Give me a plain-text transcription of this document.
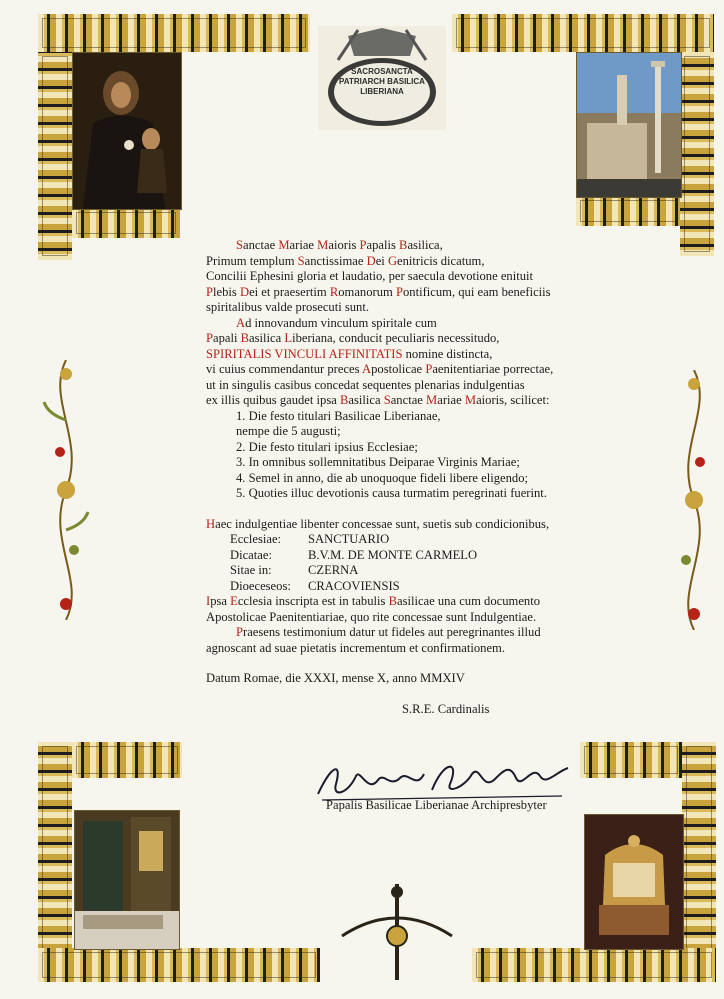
SACROSANCTA
PATRIARCH BASILICA
LIBERIANA

Sanctae Mariae Maioris Papalis Basilica,

Primum templum Sanctissimae Dei Genitricis dicatum,

Concilii Ephesini gloria et laudatio, per saecula devotione enituit

Plebis Dei et praesertim Romanorum Pontificum, qui eam beneficiis

spiritalibus valde prosecuti sunt.

Ad innovandum vinculum spiritale cum

Papali Basilica Liberiana, conducit peculiaris necessitudo,

SPIRITALIS VINCULI AFFINITATIS nomine distincta,

vi cuius commendantur preces Apostolicae Paenitentiariae porrectae,

ut in singulis casibus concedat sequentes plenarias indulgentias

ex illis quibus gaudet ipsa Basilica Sanctae Mariae Maioris, scilicet:

1. Die festo titulari Basilicae Liberianae,

nempe die 5 augusti;

2. Die festo titulari ipsius Ecclesiae;

3. In omnibus sollemnitatibus Deiparae Virginis Mariae;

4. Semel in anno, die ab unoquoque fideli libere eligendo;

5. Quoties illuc devotionis causa turmatim peregrinati fuerint.

Haec indulgentiae libenter concessae sunt, suetis sub condicionibus,

Ecclesiae:	SANCTUARIO
Dicatae:	B.V.M. DE MONTE CARMELO
Sitae in:	CZERNA
Dioeceseos:	CRACOVIENSIS

Ipsa Ecclesia inscripta est in tabulis Basilicae una cum documento

Apostolicae Paenitentiariae, quo rite concessae sunt Indulgentiae.

Praesens testimonium datur ut fideles aut peregrinantes illud

agnoscant ad suae pietatis incrementum et confirmationem.

Datum Romae, die XXXI, mense X, anno MMXIV

S.R.E. Cardinalis

Papalis Basilicae Liberianae Archipresbyter
